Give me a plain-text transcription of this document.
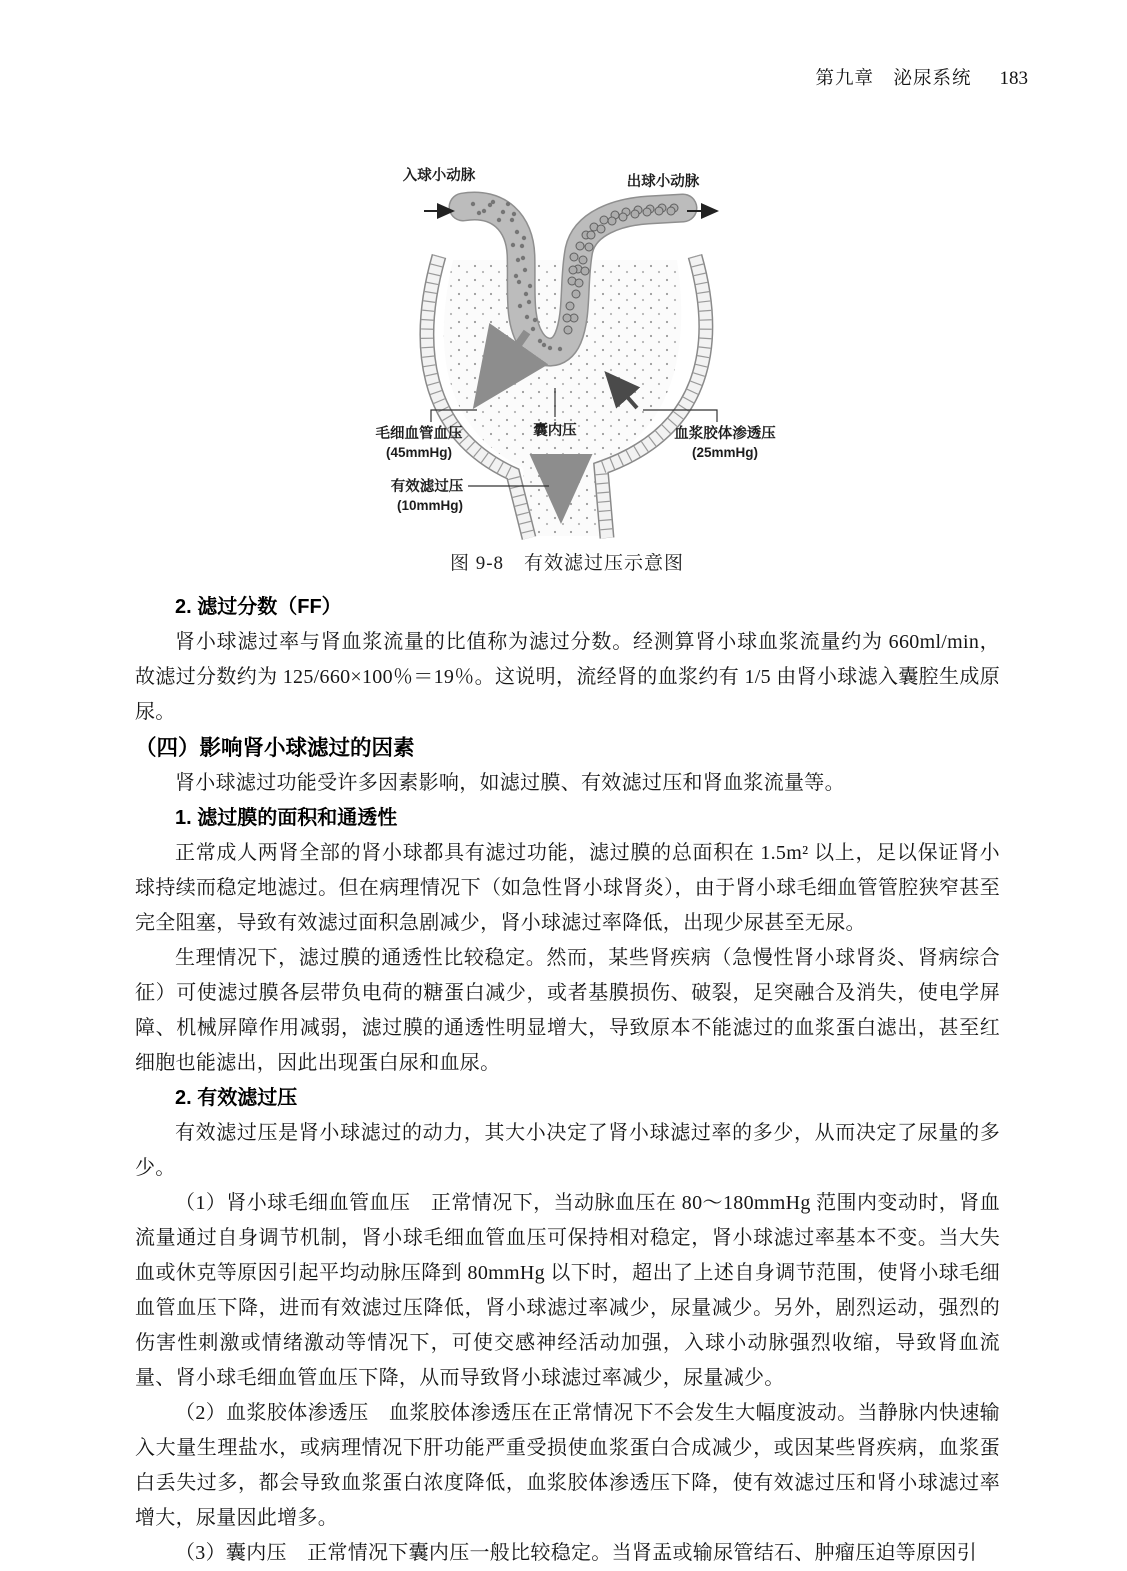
第九章　泌尿系统 183
入球小动脉	出球小动脉
毛细血管血压
(45mmHg)
囊内压	血浆胶体渗透压
(25mmHg)
有效滤过压
(10mmHg)
图 9-8　有效滤过压示意图
2. 滤过分数（FF）

肾小球滤过率与肾血浆流量的比值称为滤过分数。经测算肾小球血浆流量约为 660ml/min，故滤过分数约为 125/660×100％＝19％。这说明，流经肾的血浆约有 1/5 由肾小球滤入囊腔生成原尿。

（四）影响肾小球滤过的因素

肾小球滤过功能受许多因素影响，如滤过膜、有效滤过压和肾血浆流量等。

1. 滤过膜的面积和通透性

正常成人两肾全部的肾小球都具有滤过功能，滤过膜的总面积在 1.5m² 以上，足以保证肾小球持续而稳定地滤过。但在病理情况下（如急性肾小球肾炎），由于肾小球毛细血管管腔狭窄甚至完全阻塞，导致有效滤过面积急剧减少，肾小球滤过率降低，出现少尿甚至无尿。

生理情况下，滤过膜的通透性比较稳定。然而，某些肾疾病（急慢性肾小球肾炎、肾病综合征）可使滤过膜各层带负电荷的糖蛋白减少，或者基膜损伤、破裂，足突融合及消失，使电学屏障、机械屏障作用减弱，滤过膜的通透性明显增大，导致原本不能滤过的血浆蛋白滤出，甚至红细胞也能滤出，因此出现蛋白尿和血尿。

2. 有效滤过压

有效滤过压是肾小球滤过的动力，其大小决定了肾小球滤过率的多少，从而决定了尿量的多少。

（1）肾小球毛细血管血压　正常情况下，当动脉血压在 80～180mmHg 范围内变动时，肾血流量通过自身调节机制，肾小球毛细血管血压可保持相对稳定，肾小球滤过率基本不变。当大失血或休克等原因引起平均动脉压降到 80mmHg 以下时，超出了上述自身调节范围，使肾小球毛细血管血压下降，进而有效滤过压降低，肾小球滤过率减少，尿量减少。另外，剧烈运动，强烈的伤害性刺激或情绪激动等情况下，可使交感神经活动加强，入球小动脉强烈收缩，导致肾血流量、肾小球毛细血管血压下降，从而导致肾小球滤过率减少，尿量减少。

（2）血浆胶体渗透压　血浆胶体渗透压在正常情况下不会发生大幅度波动。当静脉内快速输入大量生理盐水，或病理情况下肝功能严重受损使血浆蛋白合成减少，或因某些肾疾病，血浆蛋白丢失过多，都会导致血浆蛋白浓度降低，血浆胶体渗透压下降，使有效滤过压和肾小球滤过率增大，尿量因此增多。

（3）囊内压　正常情况下囊内压一般比较稳定。当肾盂或输尿管结石、肿瘤压迫等原因引
